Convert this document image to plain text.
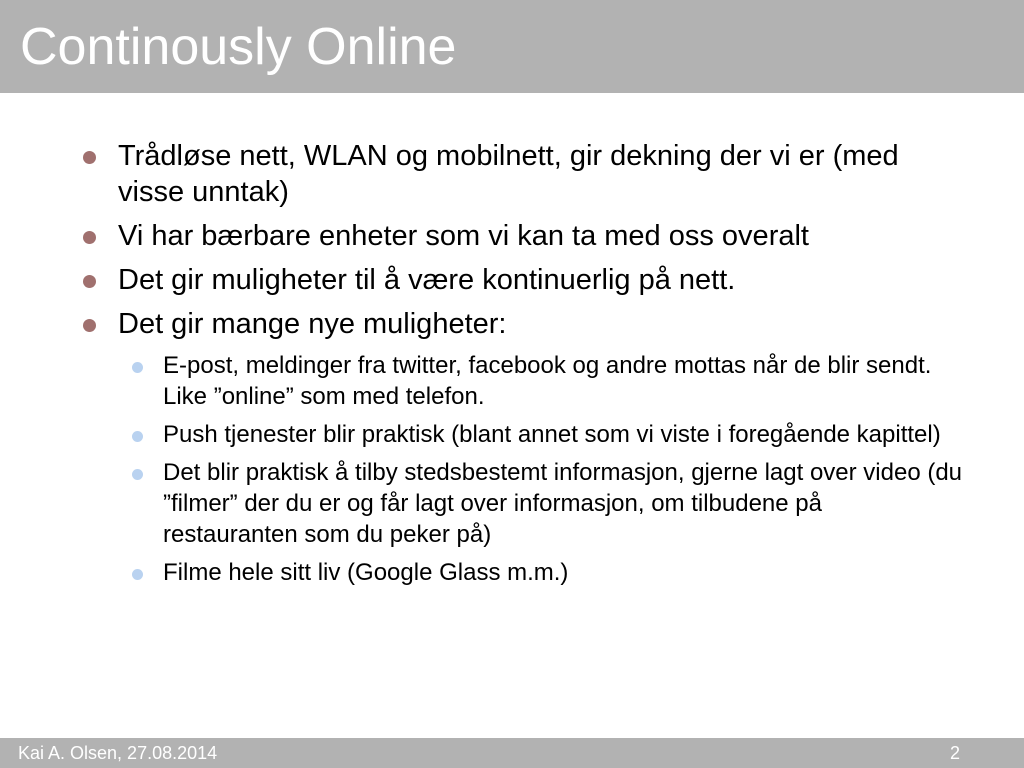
Continously Online
Trådløse nett, WLAN og mobilnett, gir dekning der vi er (med visse unntak)
Vi har bærbare enheter som vi kan ta med oss overalt
Det gir muligheter til å være kontinuerlig på nett.
Det gir mange nye muligheter:
E-post, meldinger fra twitter, facebook og andre mottas når de blir sendt. Like ”online” som med telefon.
Push tjenester blir praktisk (blant annet som vi viste i foregående kapittel)
Det blir praktisk å tilby stedsbestemt informasjon, gjerne lagt over video (du ”filmer” der du er og får lagt over informasjon, om tilbudene på restauranten som du peker på)
Filme hele sitt liv (Google Glass m.m.)
Kai A. Olsen, 27.08.2014	2
